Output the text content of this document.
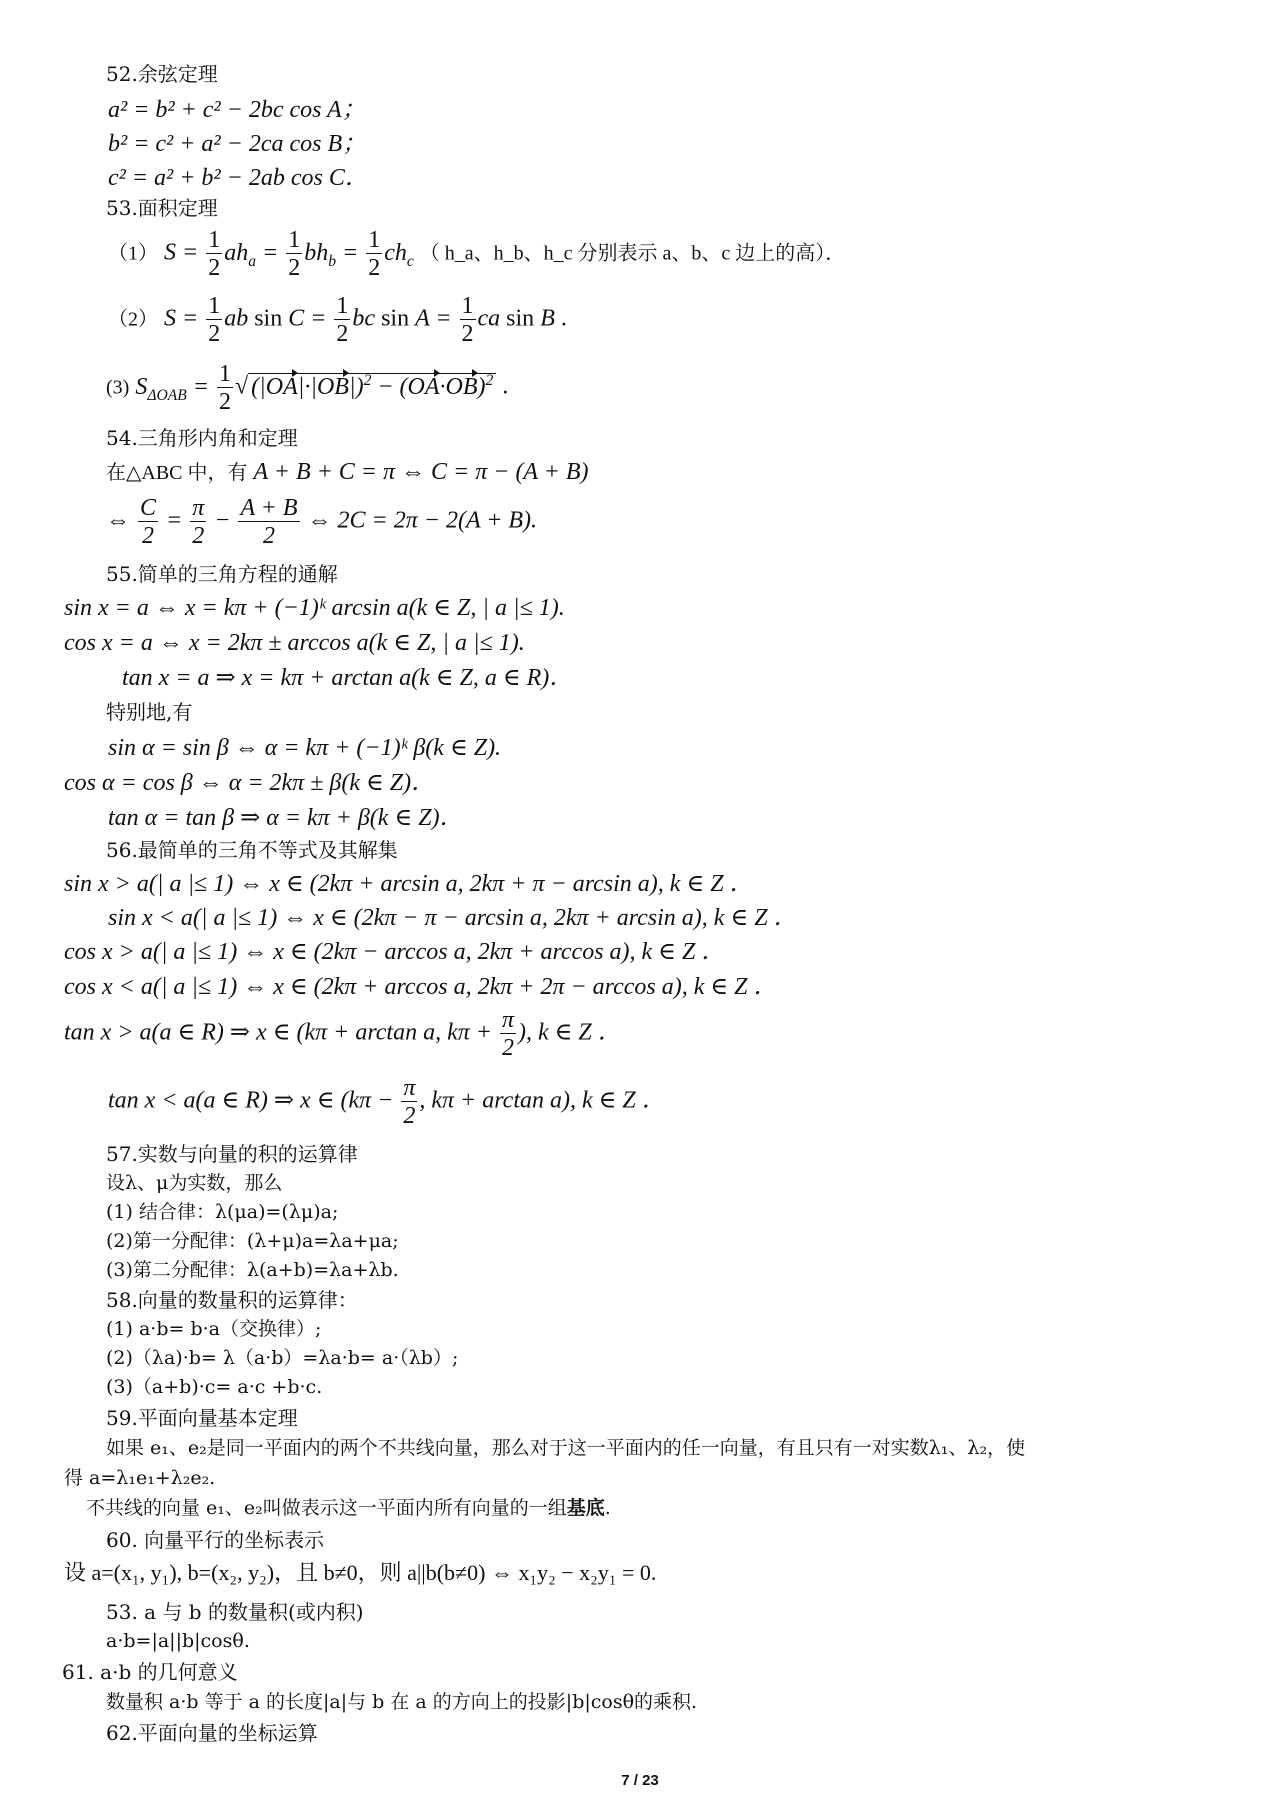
52.余弦定理
a² = b² + c² − 2bc cos A；
b² = c² + a² − 2ca cos B；
c² = a² + b² − 2ab cos C．
53.面积定理
（1） $S = \frac{1}{2} ah_a = \frac{1}{2} bh_b = \frac{1}{2} ch_c$ （ h_a、h_b、h_c 分别表示 a、b、c 边上的高）．
（2） $S = \frac{1}{2}$ ab $\sin C = \frac{1}{2}$ bc $\sin A = \frac{1}{2}$ ca sin B .
(3) $S_{\Delta OAB} = \frac{1}{2}$ √ $(|OA|\cdot|OB|)^2 - (OA\cdot OB)^2$ .
54.三角形内角和定理
在△ABC 中，有 A + B + C = π ⇔ C = π − (A + B)
⇔ $\frac{C}{2} = \frac{\pi}{2} - \frac{A + B}{2}$ ⇔ 2C = 2π − 2(A + B).
55.简单的三角方程的通解
sin x = a ⇔ x = kπ + (−1)ᵏ arcsin a(k ∈ Z, | a |≤ 1).
cos x = a ⇔ x = 2kπ ± arccos a(k ∈ Z, | a |≤ 1).
tan x = a ⇒ x = kπ + arctan a(k ∈ Z, a ∈ R)．
特别地,有
sin α = sin β ⇔ α = kπ + (−1)ᵏ β(k ∈ Z).
cos α = cos β ⇔ α = 2kπ ± β(k ∈ Z)．
tan α = tan β ⇒ α = kπ + β(k ∈ Z)．
56.最简单的三角不等式及其解集
sin x > a(| a |≤ 1) ⇔ x ∈ (2kπ + arcsin a, 2kπ + π − arcsin a), k ∈ Z ．
sin x < a(| a |≤ 1) ⇔ x ∈ (2kπ − π − arcsin a, 2kπ + arcsin a), k ∈ Z ．
cos x > a(| a |≤ 1) ⇔ x ∈ (2kπ − arccos a, 2kπ + arccos a), k ∈ Z ．
cos x < a(| a |≤ 1) ⇔ x ∈ (2kπ + arccos a, 2kπ + 2π − arccos a), k ∈ Z ．
tan x > a(a ∈ R) ⇒ x ∈ (kπ + arctan a, $k\pi + \frac{\pi}{2}$ ), k ∈ Z ．
tan x < a(a ∈ R) ⇒ x ∈ ($k\pi - \frac{\pi}{2}$ , kπ + arctan a), k ∈ Z ．
57.实数与向量的积的运算律
设λ、μ为实数，那么
(1) 结合律：λ(μa)=(λμ)a;
(2)第一分配律：(λ+μ)a=λa+μa;
(3)第二分配律：λ(a+b)=λa+λb.
58.向量的数量积的运算律：
(1) a·b= b·a（交换律）;
(2)（λa)·b= λ（a·b）=λa·b= a·（λb）;
(3)（a+b)·c= a·c +b·c.
59.平面向量基本定理
如果 e₁、e₂是同一平面内的两个不共线向量，那么对于这一平面内的任一向量，有且只有一对实数λ₁、λ₂，使
得 a=λ₁e₁+λ₂e₂.
不共线的向量 e₁、e₂叫做表示这一平面内所有向量的一组基底.
60. 向量平行的坐标表示
设 a=(x₁, y₁), b=(x₂, y₂)，且 b≠0，则 a||b(b≠0) ⇔ x₁y₂ − x₂y₁ = 0.
53. a 与 b 的数量积(或内积)
a·b=|a||b|cosθ.
61. a·b 的几何意义
数量积 a·b 等于 a 的长度|a|与 b 在 a 的方向上的投影|b|cosθ的乘积.
62.平面向量的坐标运算
7 / 23
